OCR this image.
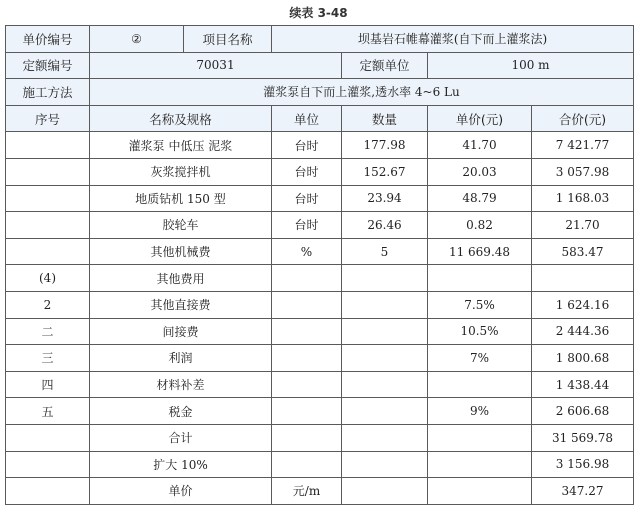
续表 3-48
单价编号	②	项目名称	坝基岩石帷幕灌浆(自下而上灌浆法)			
定额编号	70031			定额单位	100 m	
施工方法	灌浆泵自下而上灌浆,透水率 4~6 Lu					
序号	名称及规格		单位	数量	单价(元)	合价(元)
	灌浆泵 中低压 泥浆		台时	177.98	41.70	7 421.77
	灰浆搅拌机		台时	152.67	20.03	3 057.98
	地质钻机 150 型		台时	23.94	48.79	1 168.03
	胶轮车		台时	26.46	0.82	21.70
	其他机械费		%	5	11 669.48	583.47
(4)	其他费用					
2	其他直接费				7.5%	1 624.16
二	间接费				10.5%	2 444.36
三	利润				7%	1 800.68
四	材料补差					1 438.44
五	税金				9%	2 606.68
	合计					31 569.78
	扩大 10%					3 156.98
	单价		元/m			347.27
